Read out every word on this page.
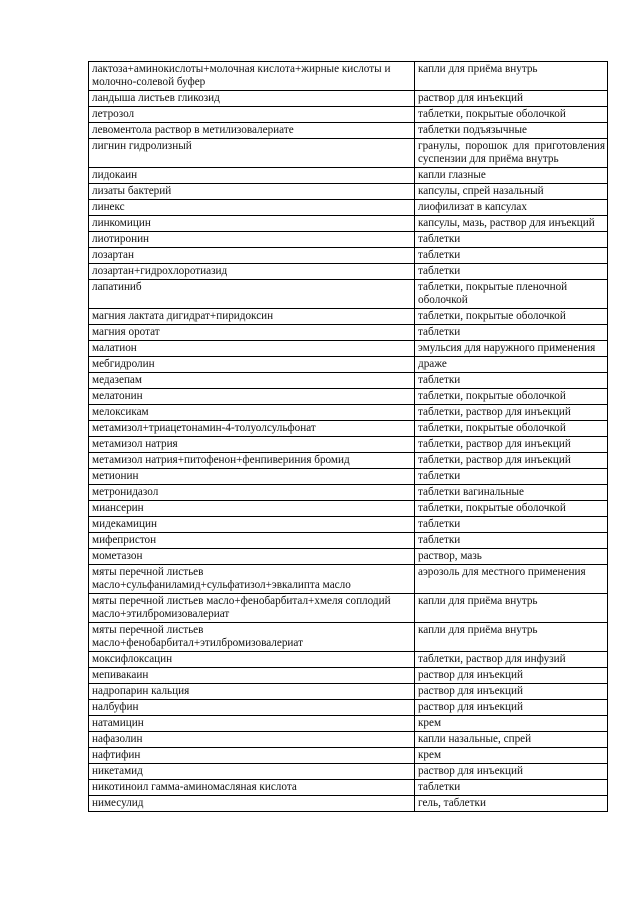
лактоза+аминокислоты+молочная кислота+жирные кислоты и молочно-солевой буфер	капли для приёма внутрь
ландыша листьев гликозид	раствор для инъекций
летрозол	таблетки, покрытые оболочкой
левоментола раствор в метилизовалериате	таблетки подъязычные
лигнин гидролизный	гранулы, порошок для приготовления суспензии для приёма внутрь
лидокаин	капли глазные
лизаты бактерий	капсулы, спрей назальный
линекс	лиофилизат в капсулах
линкомицин	капсулы, мазь, раствор для инъекций
лиотиронин	таблетки
лозартан	таблетки
лозартан+гидрохлоротиазид	таблетки
лапатиниб	таблетки, покрытые пленочной оболочкой
магния лактата дигидрат+пиридоксин	таблетки, покрытые оболочкой
магния оротат	таблетки
малатион	эмульсия для наружного применения
мебгидролин	драже
медазепам	таблетки
мелатонин	таблетки, покрытые оболочкой
мелоксикам	таблетки, раствор для инъекций
метамизол+триацетонамин-4-толуолсульфонат	таблетки, покрытые оболочкой
метамизол натрия	таблетки, раствор для инъекций
метамизол натрия+питофенон+фенпивериния бромид	таблетки, раствор для инъекций
метионин	таблетки
метронидазол	таблетки вагинальные
миансерин	таблетки, покрытые оболочкой
мидекамицин	таблетки
мифепристон	таблетки
мометазон	раствор, мазь
мяты перечной листьев масло+сульфаниламид+сульфатизол+эвкалипта масло	аэрозоль для местного применения
мяты перечной листьев масло+фенобарбитал+хмеля соплодий масло+этилбромизовалериат	капли для приёма внутрь
мяты перечной листьев масло+фенобарбитал+этилбромизовалериат	капли для приёма внутрь
моксифлоксацин	таблетки, раствор для инфузий
мепивакаин	раствор для инъекций
надропарин кальция	раствор для инъекций
налбуфин	раствор для инъекций
натамицин	крем
нафазолин	капли назальные, спрей
нафтифин	крем
никетамид	раствор для инъекций
никотиноил гамма-аминомасляная кислота	таблетки
нимесулид	гель, таблетки
